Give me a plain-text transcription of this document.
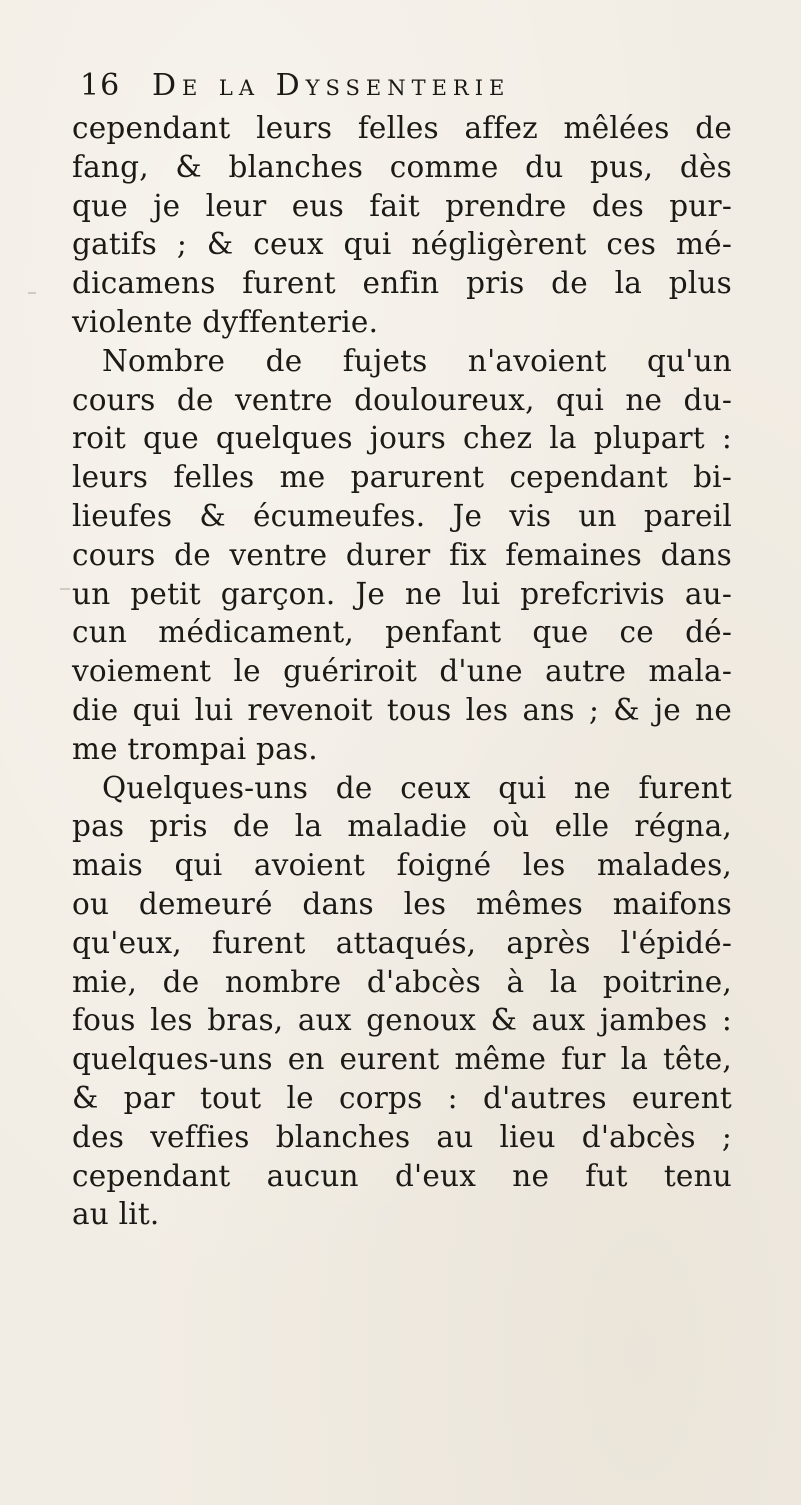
16 De la Dyssenterie
cependant leurs felles affez mêlées de
fang, & blanches comme du pus, dès
que je leur eus fait prendre des pur-
gatifs ; & ceux qui négligèrent ces mé-
dicamens furent enfin pris de la plus
violente dyffenterie.
Nombre de fujets n'avoient qu'un
cours de ventre douloureux, qui ne du-
roit que quelques jours chez la plupart :
leurs felles me parurent cependant bi-
lieufes & écumeufes. Je vis un pareil
cours de ventre durer fix femaines dans
un petit garçon. Je ne lui prefcrivis au-
cun médicament, penfant que ce dé-
voiement le guériroit d'une autre mala-
die qui lui revenoit tous les ans ; & je ne
me trompai pas.
Quelques-uns de ceux qui ne furent
pas pris de la maladie où elle régna,
mais qui avoient foigné les malades,
ou demeuré dans les mêmes maifons
qu'eux, furent attaqués, après l'épidé-
mie, de nombre d'abcès à la poitrine,
fous les bras, aux genoux & aux jambes :
quelques-uns en eurent même fur la tête,
& par tout le corps : d'autres eurent
des veffies blanches au lieu d'abcès ;
cependant aucun d'eux ne fut tenu
au lit.
